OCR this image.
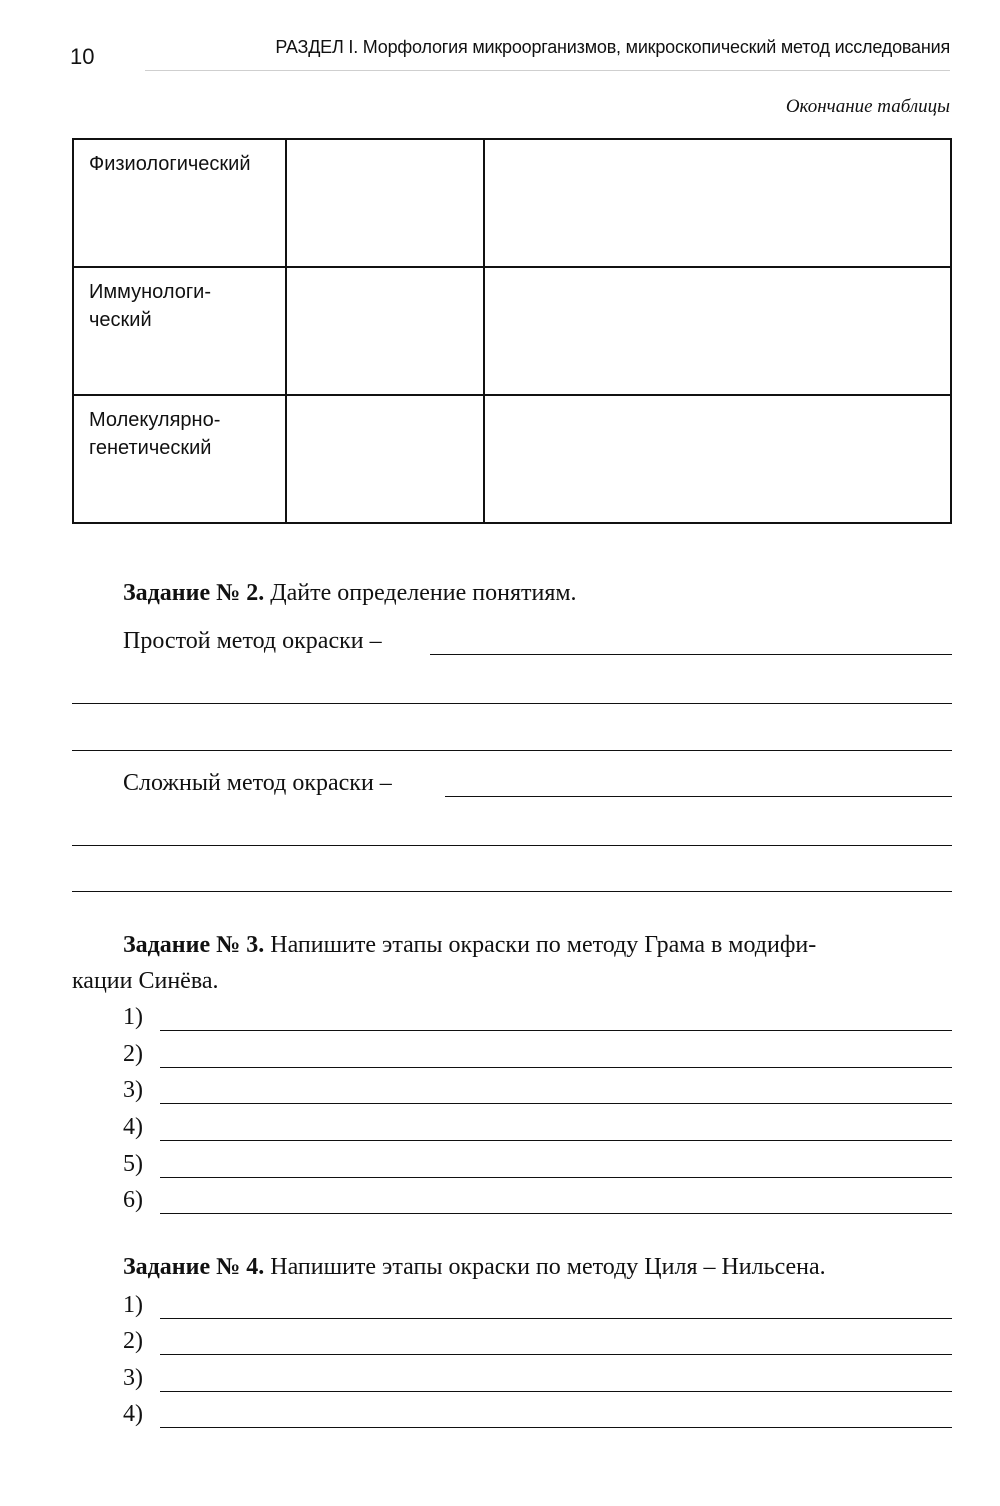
10	РАЗДЕЛ I. Морфология микроорганизмов, микроскопический метод исследования
Окончание таблицы
Физиологический		

Иммунологи-
ческий		

Молекулярно-
генетический		

Задание № 2. Дайте определение понятиям.
Простой метод окраски –
Сложный метод окраски –
Задание № 3. Напишите этапы окраски по методу Грама в модифи-
кации Синёва.
1)
2)
3)
4)
5)
6)
Задание № 4. Напишите этапы окраски по методу Циля – Нильсена.
1)
2)
3)
4)
